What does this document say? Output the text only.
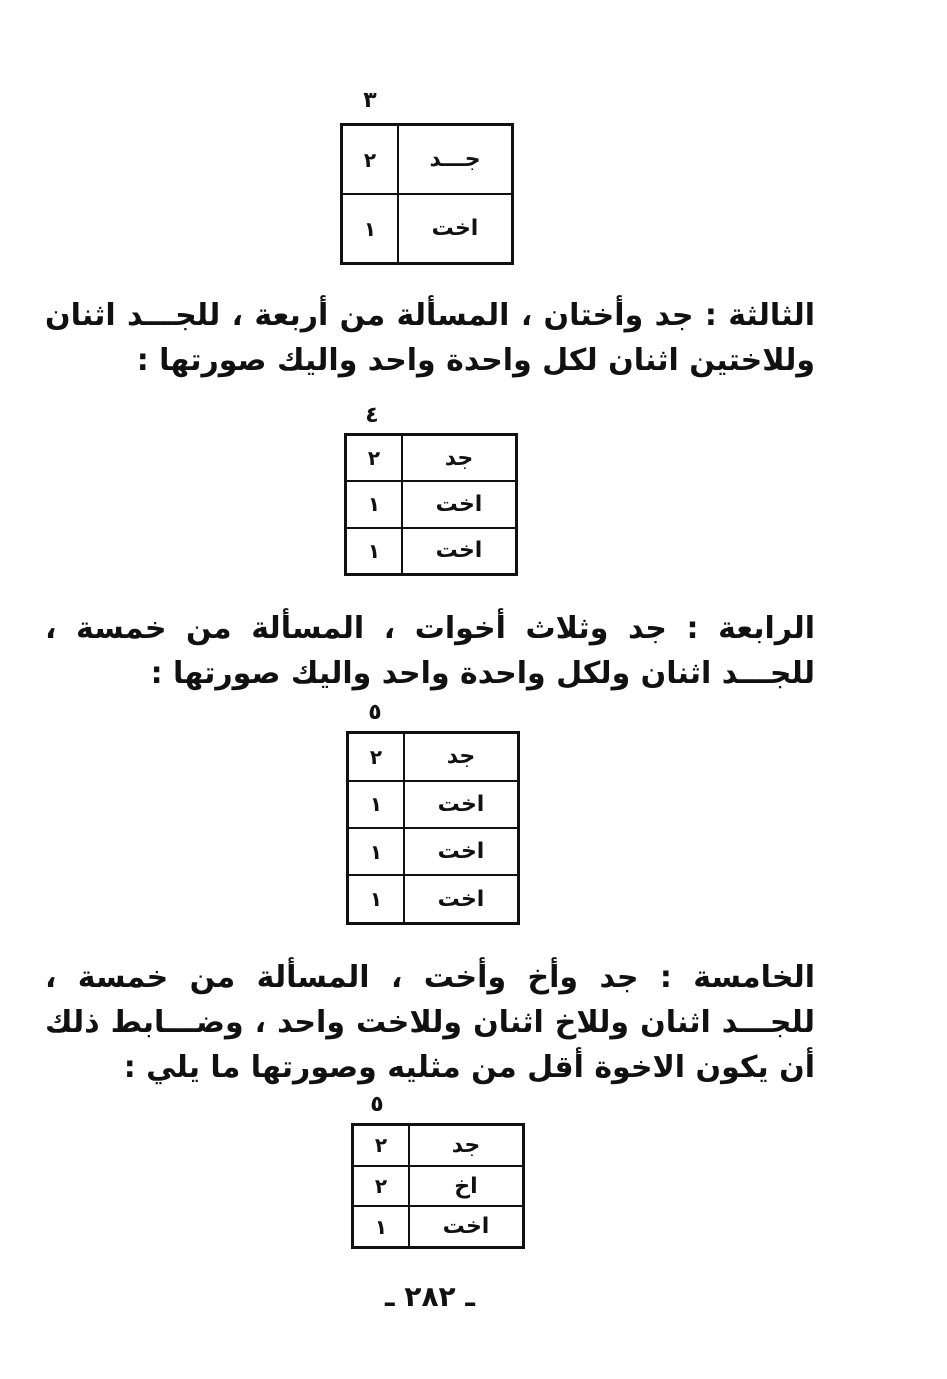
٣
جـــد	٢
اخت	١

الثالثة : جد وأختان ، المسألة من أربعة ، للجـــد اثنان وللاختين اثنان لكل واحدة واحد واليك صورتها :

٤
جد	٢
اخت	١
اخت	١

الرابعة : جد وثلاث أخوات ، المسألة من خمسة ، للجـــد اثنان ولكل واحدة واحد واليك صورتها :

٥
جد	٢
اخت	١
اخت	١
اخت	١

الخامسة : جد وأخ وأخت ، المسألة من خمسة ، للجـــد اثنان وللاخ اثنان وللاخت واحد ، وضـــابط ذلك أن يكون الاخوة أقل من مثليه وصورتها ما يلي :

٥
جد	٢
اخ	٢
اخت	١
ـ ٢٨٢ ـ
